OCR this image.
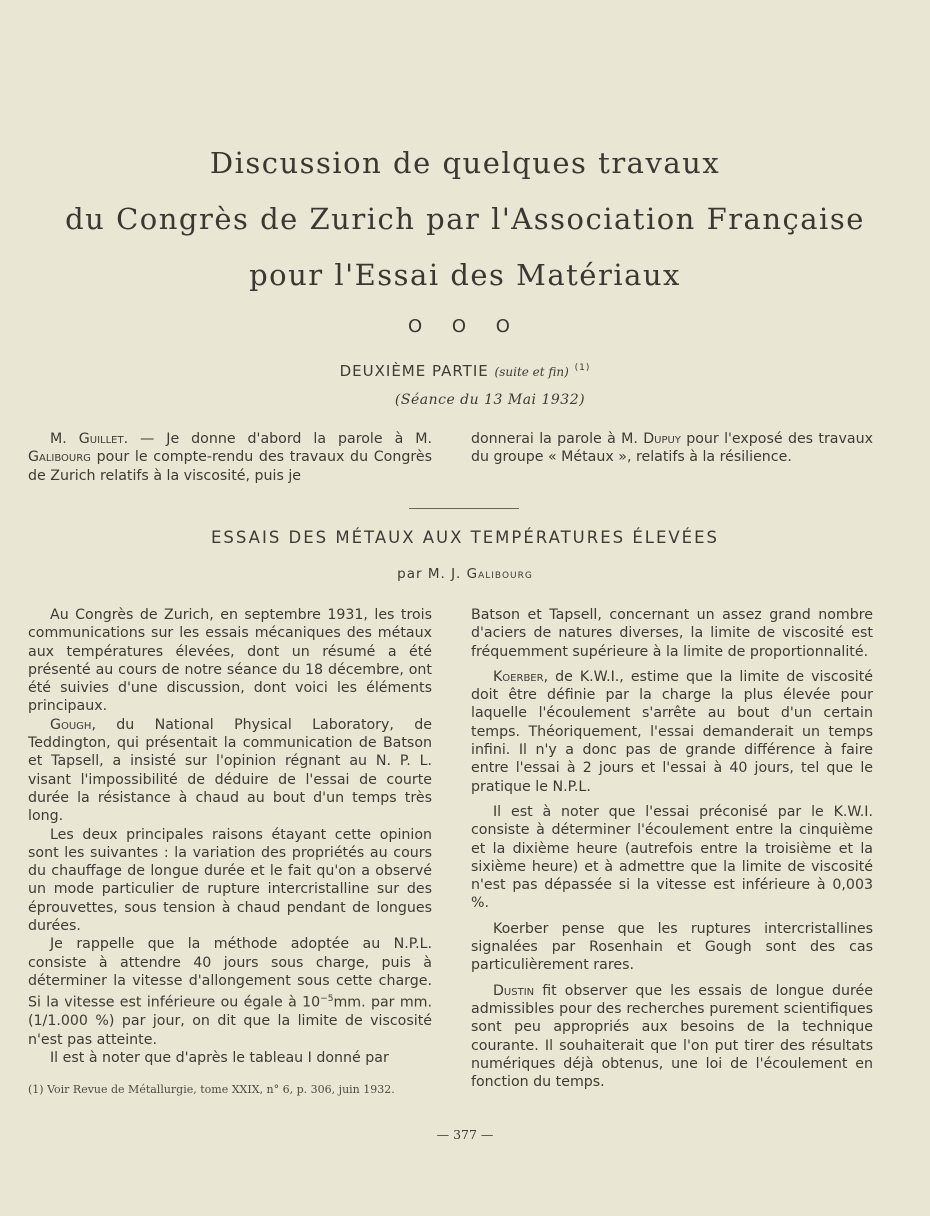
Discussion de quelques travaux
du Congrès de Zurich par l'Association Française
pour l'Essai des Matériaux
O O O
DEUXIÈME PARTIE (suite et fin) $^{(1)}$
(Séance du 13 Mai 1932)

M. Guillet. — Je donne d'abord la parole à M. Galibourg pour le compte-rendu des travaux du Congrès de Zurich relatifs à la viscosité, puis je

donnerai la parole à M. Dupuy pour l'exposé des travaux du groupe « Métaux », relatifs à la résilience.

ESSAIS DES MÉTAUX AUX TEMPÉRATURES ÉLEVÉES
par M. J. Galibourg

Au Congrès de Zurich, en septembre 1931, les trois communications sur les essais mécaniques des métaux aux températures élevées, dont un résumé a été présenté au cours de notre séance du 18 décembre, ont été suivies d'une discussion, dont voici les éléments principaux.

Gough, du National Physical Laboratory, de Teddington, qui présentait la communication de Batson et Tapsell, a insisté sur l'opinion régnant au N. P. L. visant l'impossibilité de déduire de l'essai de courte durée la résistance à chaud au bout d'un temps très long.

Les deux principales raisons étayant cette opinion sont les suivantes : la variation des propriétés au cours du chauffage de longue durée et le fait qu'on a observé un mode particulier de rupture intercristalline sur des éprouvettes, sous tension à chaud pendant de longues durées.

Je rappelle que la méthode adoptée au N.P.L. consiste à attendre 40 jours sous charge, puis à déterminer la vitesse d'allongement sous cette charge. Si la vitesse est inférieure ou égale à $10^{-5}mm$. par mm. (1/1.000 %) par jour, on dit que la limite de viscosité n'est pas atteinte.

Il est à noter que d'après le tableau I donné par

(1) Voir Revue de Métallurgie, tome XXIX, n° 6, p. 306, juin 1932.

Batson et Tapsell, concernant un assez grand nombre d'aciers de natures diverses, la limite de viscosité est fréquemment supérieure à la limite de proportionnalité.

Koerber, de K.W.I., estime que la limite de viscosité doit être définie par la charge la plus élevée pour laquelle l'écoulement s'arrête au bout d'un certain temps. Théoriquement, l'essai demanderait un temps infini. Il n'y a donc pas de grande différence à faire entre l'essai à 2 jours et l'essai à 40 jours, tel que le pratique le N.P.L.

Il est à noter que l'essai préconisé par le K.W.I. consiste à déterminer l'écoulement entre la cinquième et la dixième heure (autrefois entre la troisième et la sixième heure) et à admettre que la limite de viscosité n'est pas dépassée si la vitesse est inférieure à 0,003 %.

Koerber pense que les ruptures intercristallines signalées par Rosenhain et Gough sont des cas particulièrement rares.

Dustin fit observer que les essais de longue durée admissibles pour des recherches purement scientifiques sont peu appropriés aux besoins de la technique courante. Il souhaiterait que l'on put tirer des résultats numériques déjà obtenus, une loi de l'écoulement en fonction du temps.

— 377 —
